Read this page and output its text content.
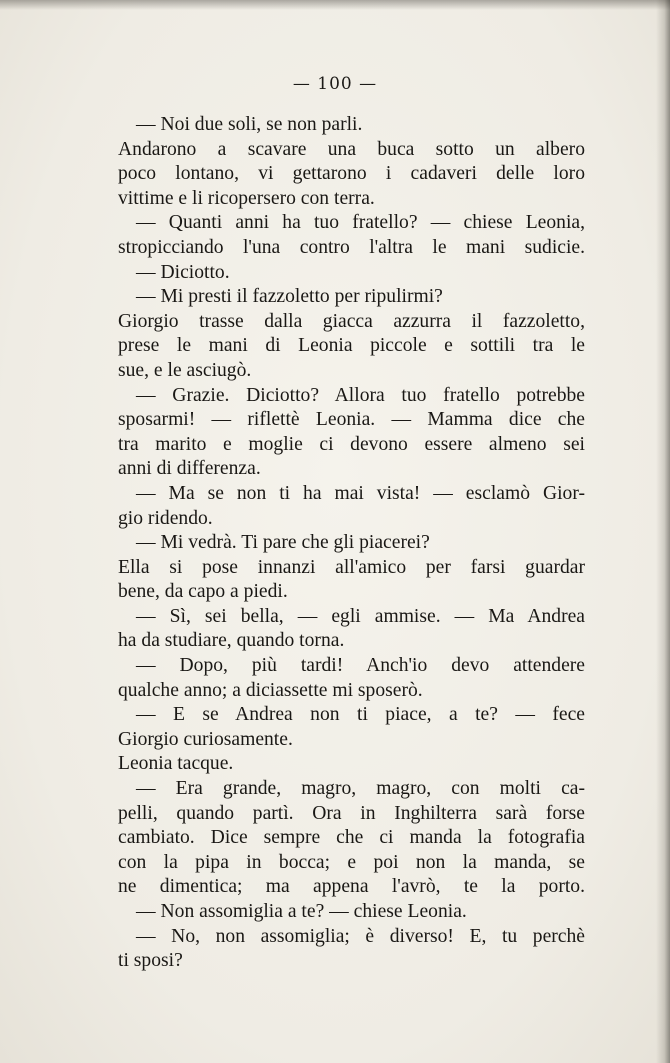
— 100 —
— Noi due soli, se non parli.
Andarono a scavare una buca sotto un albero
poco lontano, vi gettarono i cadaveri delle loro
vittime e li ricopersero con terra.
— Quanti anni ha tuo fratello? — chiese Leonia,
stropicciando l'una contro l'altra le mani sudicie.
— Diciotto.
— Mi presti il fazzoletto per ripulirmi?
Giorgio trasse dalla giacca azzurra il fazzoletto,
prese le mani di Leonia piccole e sottili tra le
sue, e le asciugò.
— Grazie. Diciotto? Allora tuo fratello potrebbe
sposarmi! — riflettè Leonia. — Mamma dice che
tra marito e moglie ci devono essere almeno sei
anni di differenza.
— Ma se non ti ha mai vista! — esclamò Gior-
gio ridendo.
— Mi vedrà. Ti pare che gli piacerei?
Ella si pose innanzi all'amico per farsi guardar
bene, da capo a piedi.
— Sì, sei bella, — egli ammise. — Ma Andrea
ha da studiare, quando torna.
— Dopo, più tardi! Anch'io devo attendere
qualche anno; a diciassette mi sposerò.
— E se Andrea non ti piace, a te? — fece
Giorgio curiosamente.
Leonia tacque.
— Era grande, magro, magro, con molti ca-
pelli, quando partì. Ora in Inghilterra sarà forse
cambiato. Dice sempre che ci manda la fotografia
con la pipa in bocca; e poi non la manda, se
ne dimentica; ma appena l'avrò, te la porto.
— Non assomiglia a te? — chiese Leonia.
— No, non assomiglia; è diverso! E, tu perchè
ti sposi?
